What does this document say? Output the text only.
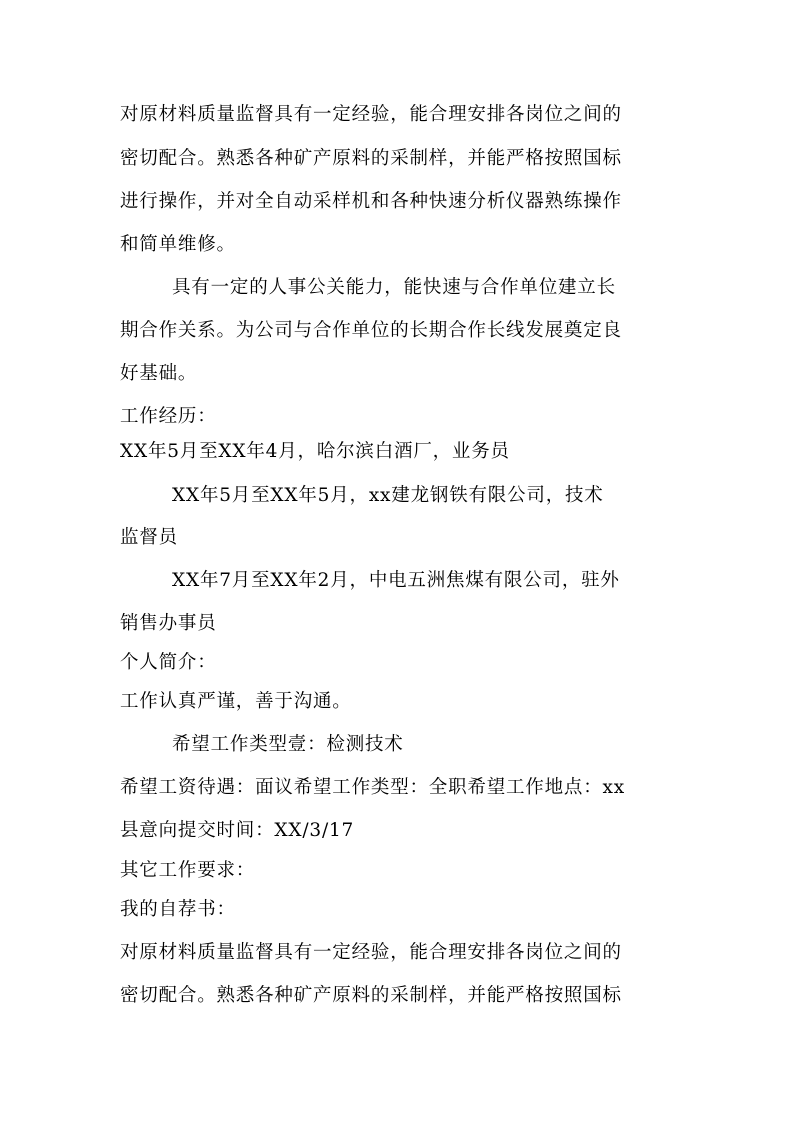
对原材料质量监督具有一定经验，能合理安排各岗位之间的
密切配合。熟悉各种矿产原料的采制样，并能严格按照国标
进行操作，并对全自动采样机和各种快速分析仪器熟练操作
和简单维修。
具有一定的人事公关能力，能快速与合作单位建立长
期合作关系。为公司与合作单位的长期合作长线发展奠定良
好基础。
工作经历：
XX年5月至XX年4月，哈尔滨白酒厂，业务员
XX年5月至XX年5月，xx建龙钢铁有限公司，技术
监督员
XX年7月至XX年2月，中电五洲焦煤有限公司，驻外
销售办事员
个人简介：
工作认真严谨，善于沟通。
希望工作类型壹：检测技术
希望工资待遇：面议希望工作类型：全职希望工作地点：xx
县意向提交时间：XX/3/17
其它工作要求：
我的自荐书：
对原材料质量监督具有一定经验，能合理安排各岗位之间的
密切配合。熟悉各种矿产原料的采制样，并能严格按照国标
